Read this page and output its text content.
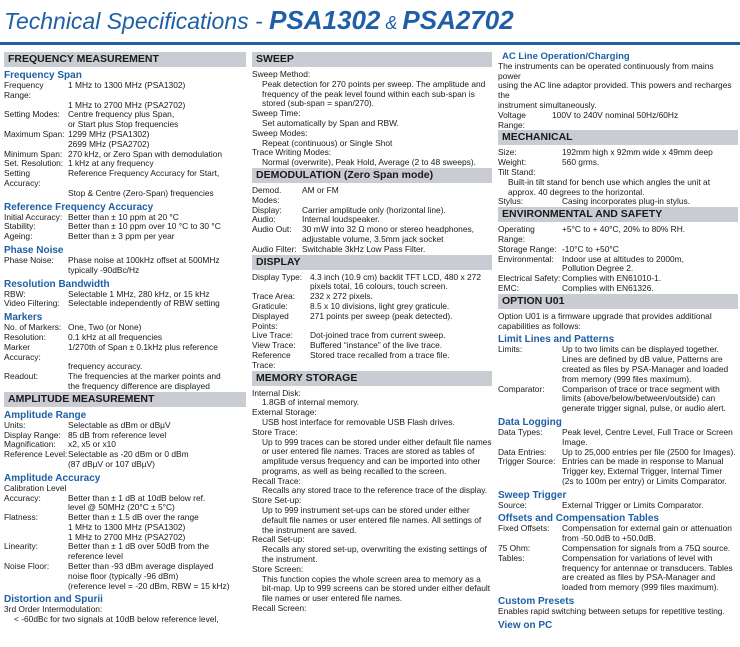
Technical Specifications - PSA1302 & PSA2702
FREQUENCY MEASUREMENT
Frequency Span
Frequency Range:
1 MHz to 1300 MHz (PSA1302)
1 MHz to 2700 MHz (PSA2702)
Setting Modes: Centre frequency plus Span,
or Start plus Stop frequencies
Maximum Span: 1299 MHz (PSA1302)
2699 MHz (PSA2702)
Minimum Span: 270 kHz, or Zero Span with demodulation
Set. Resolution: 1 kHz at any frequency
Setting Accuracy:
Reference Frequency Accuracy for Start,
Stop & Centre (Zero-Span) frequencies
Reference Frequency Accuracy
Initial Accuracy: Better than ± 10 ppm at 20 °C
Stability:	Better than ± 10 ppm over 10 °C to 30 °C
Ageing:	Better than ± 3 ppm per year
Phase Noise
Phase Noise:	Phase noise at 100kHz offset at 500MHz
typically -90dBc/Hz
Resolution Bandwidth
RBW:	Selectable 1 MHz, 280 kHz, or 15 kHz
Video Filtering: Selectable independently of RBW setting
Markers
No. of Markers: One, Two (or None)
Resolution:	0.1 kHz at all frequencies
Marker Accuracy:
1/270th of Span ± 0.1kHz plus reference
frequency accuracy.
Readout:	The frequencies at the marker points and
the frequency difference are displayed
AMPLITUDE MEASUREMENT
Amplitude Range
Units:	Selectable as dBm or dBµV
Display Range: 85 dB from reference level
Magnification:	x2, x5 or x10
Reference Level: Selectable as -20 dBm or 0 dBm
(87 dBµV or 107 dBµV)
Amplitude Accuracy
Calibration Level
Accuracy:	Better than ± 1 dB at 10dB below ref.
level @ 50MHz (20°C ± 5°C)
Flatness:	Better than ± 1.5 dB over the range
1 MHz to 1300 MHz (PSA1302)
1 MHz to 2700 MHz (PSA2702)
Linearity:	Better than ± 1 dB over 50dB from the
reference level
Noise Floor:	Better than -93 dBm average displayed
noise floor (typically -96 dBm)
(reference level = -20 dBm, RBW = 15 kHz)
Distortion and Spurii
3rd Order Intermodulation:
< -60dBc for two signals at 10dB below reference level,
SWEEP
Sweep Method:
Peak detection for 270 points per sweep. The amplitude and
frequency of the peak level found within each sub-span is
stored (sub-span = span/270).
Sweep Time:
Set automatically by Span and RBW.
Sweep Modes:
Repeat (continuous) or Single Shot
Trace Writing Modes:
Normal (overwrite), Peak Hold, Average (2 to 48 sweeps).
DEMODULATION (Zero Span mode)
Demod. Modes:
AM or FM
Display:	Carrier amplitude only (horizontal line).
Audio:	Internal loudspeaker.
Audio Out:	30 mW into 32 Ω mono or stereo headphones,
adjustable volume, 3.5mm jack socket
Audio Filter: Switchable 3kHz Low Pass Filter.
DISPLAY
Display Type: 4.3 inch (10.9 cm) backlit TFT LCD, 480 x 272
pixels total, 16 colours, touch screen.
Trace Area:	232 x 272 pixels.
Graticule:	8.5 x 10 divisions, light grey graticule.
Displayed Points:
271 points per sweep (peak detected).
Live Trace:	Dot-joined trace from current sweep.
View Trace:	Buffered “instance” of the live trace.
Reference Trace:
Stored trace recalled from a trace file.
MEMORY STORAGE
Internal Disk:
1.8GB of internal memory.
External Storage:
USB host interface for removable USB Flash drives.
Store Trace:
Up to 999 traces can be stored under either default file names
or user entered file names. Traces are stored as tables of
amplitude versus frequency and can be imported into other
programs, as well as being recalled to the screen.
Recall Trace:
Recalls any stored trace to the reference trace of the display.
Store Set-up:
Up to 999 instrument set-ups can be stored under either
default file names or user entered file names. All settings of
the instrument are saved.
Recall Set-up:
Recalls any stored set-up, overwriting the existing settings of
the instrument.
Store Screen:
This function copies the whole screen area to memory as a
bit-map. Up to 999 screens can be stored under either default
file names or user entered file names.
Recall Screen:
AC Line Operation/Charging
The instruments can be operated continuously from mains power
using the AC line adaptor provided. This powers and recharges the
instrument simultaneously.
Voltage Range:
100V to 240V nominal 50Hz/60Hz
MECHANICAL
Size:	192mm high x 92mm wide x 49mm deep
Weight:	560 grms.
Tilt Stand:
Built-in tilt stand for bench use which angles the unit at
approx. 40 degrees to the horizontal.
Stylus:	Casing incorporates plug-in stylus.
ENVIRONMENTAL AND SAFETY
Operating Range:
+5°C to + 40°C, 20% to 80% RH.
Storage Range: -10°C to +50°C
Environmental: Indoor use at altitudes to 2000m,
Pollution Degree 2.
Electrical Safety: Complies with EN61010-1.
EMC:	Complies with EN61326.
OPTION U01
Option U01 is a firmware upgrade that provides additional
capabilities as follows:
Limit Lines and Patterns
Limits:	Up to two limits can be displayed together.
Lines are defined by dB value, Patterns are
created as files by PSA-Manager and loaded
from memory (999 files maximum).
Comparator:	Comparison of trace or trace segment with
limits (above/below/between/outside) can
generate trigger signal, pulse, or audio alert.
Data Logging
Data Types:	Peak level, Centre Level, Full Trace or Screen
Image.
Data Entries:	Up to 25,000 entries per file (2500 for Images).
Trigger Source: Entries can be made in response to Manual
Trigger key, External Trigger, Internal Timer
(2s to 100m per entry) or Limits Comparator.
Sweep Trigger
Source:	External Trigger or Limits Comparator.
Offsets and Compensation Tables
Fixed Offsets:	Compensation for external gain or attenuation
from -50.0dB to +50.0dB.
75 Ohm:	Compensation for signals from a 75Ω source.
Tables:	Compensation for variations of level with
frequency for antennae or transducers. Tables
are created as files by PSA-Manager and
loaded from memory (999 files maximum).
Custom Presets
Enables rapid switching between setups for repetitive testing.
View on PC
